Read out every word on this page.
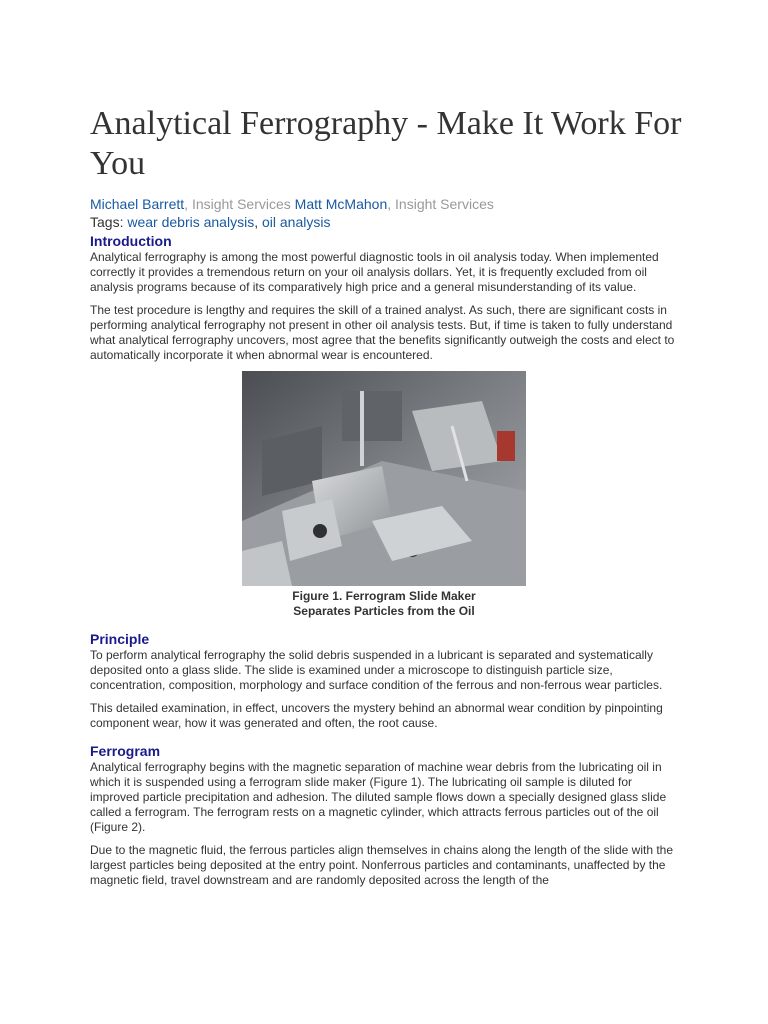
Analytical Ferrography - Make It Work For You
Michael Barrett, Insight Services Matt McMahon, Insight Services
Tags: wear debris analysis, oil analysis
Introduction

Analytical ferrography is among the most powerful diagnostic tools in oil analysis today. When implemented correctly it provides a tremendous return on your oil analysis dollars. Yet, it is frequently excluded from oil analysis programs because of its comparatively high price and a general misunderstanding of its value.

The test procedure is lengthy and requires the skill of a trained analyst. As such, there are significant costs in performing analytical ferrography not present in other oil analysis tests. But, if time is taken to fully understand what analytical ferrography uncovers, most agree that the benefits significantly outweigh the costs and elect to automatically incorporate it when abnormal wear is encountered.

Figure 1. Ferrogram Slide Maker
Separates Particles from the Oil
Principle

To perform analytical ferrography the solid debris suspended in a lubricant is separated and systematically deposited onto a glass slide. The slide is examined under a microscope to distinguish particle size, concentration, composition, morphology and surface condition of the ferrous and non-ferrous wear particles.

This detailed examination, in effect, uncovers the mystery behind an abnormal wear condition by pinpointing component wear, how it was generated and often, the root cause.

Ferrogram

Analytical ferrography begins with the magnetic separation of machine wear debris from the lubricating oil in which it is suspended using a ferrogram slide maker (Figure 1). The lubricating oil sample is diluted for improved particle precipitation and adhesion. The diluted sample flows down a specially designed glass slide called a ferrogram. The ferrogram rests on a magnetic cylinder, which attracts ferrous particles out of the oil (Figure 2).

Due to the magnetic fluid, the ferrous particles align themselves in chains along the length of the slide with the largest particles being deposited at the entry point. Nonferrous particles and contaminants, unaffected by the magnetic field, travel downstream and are randomly deposited across the length of the
